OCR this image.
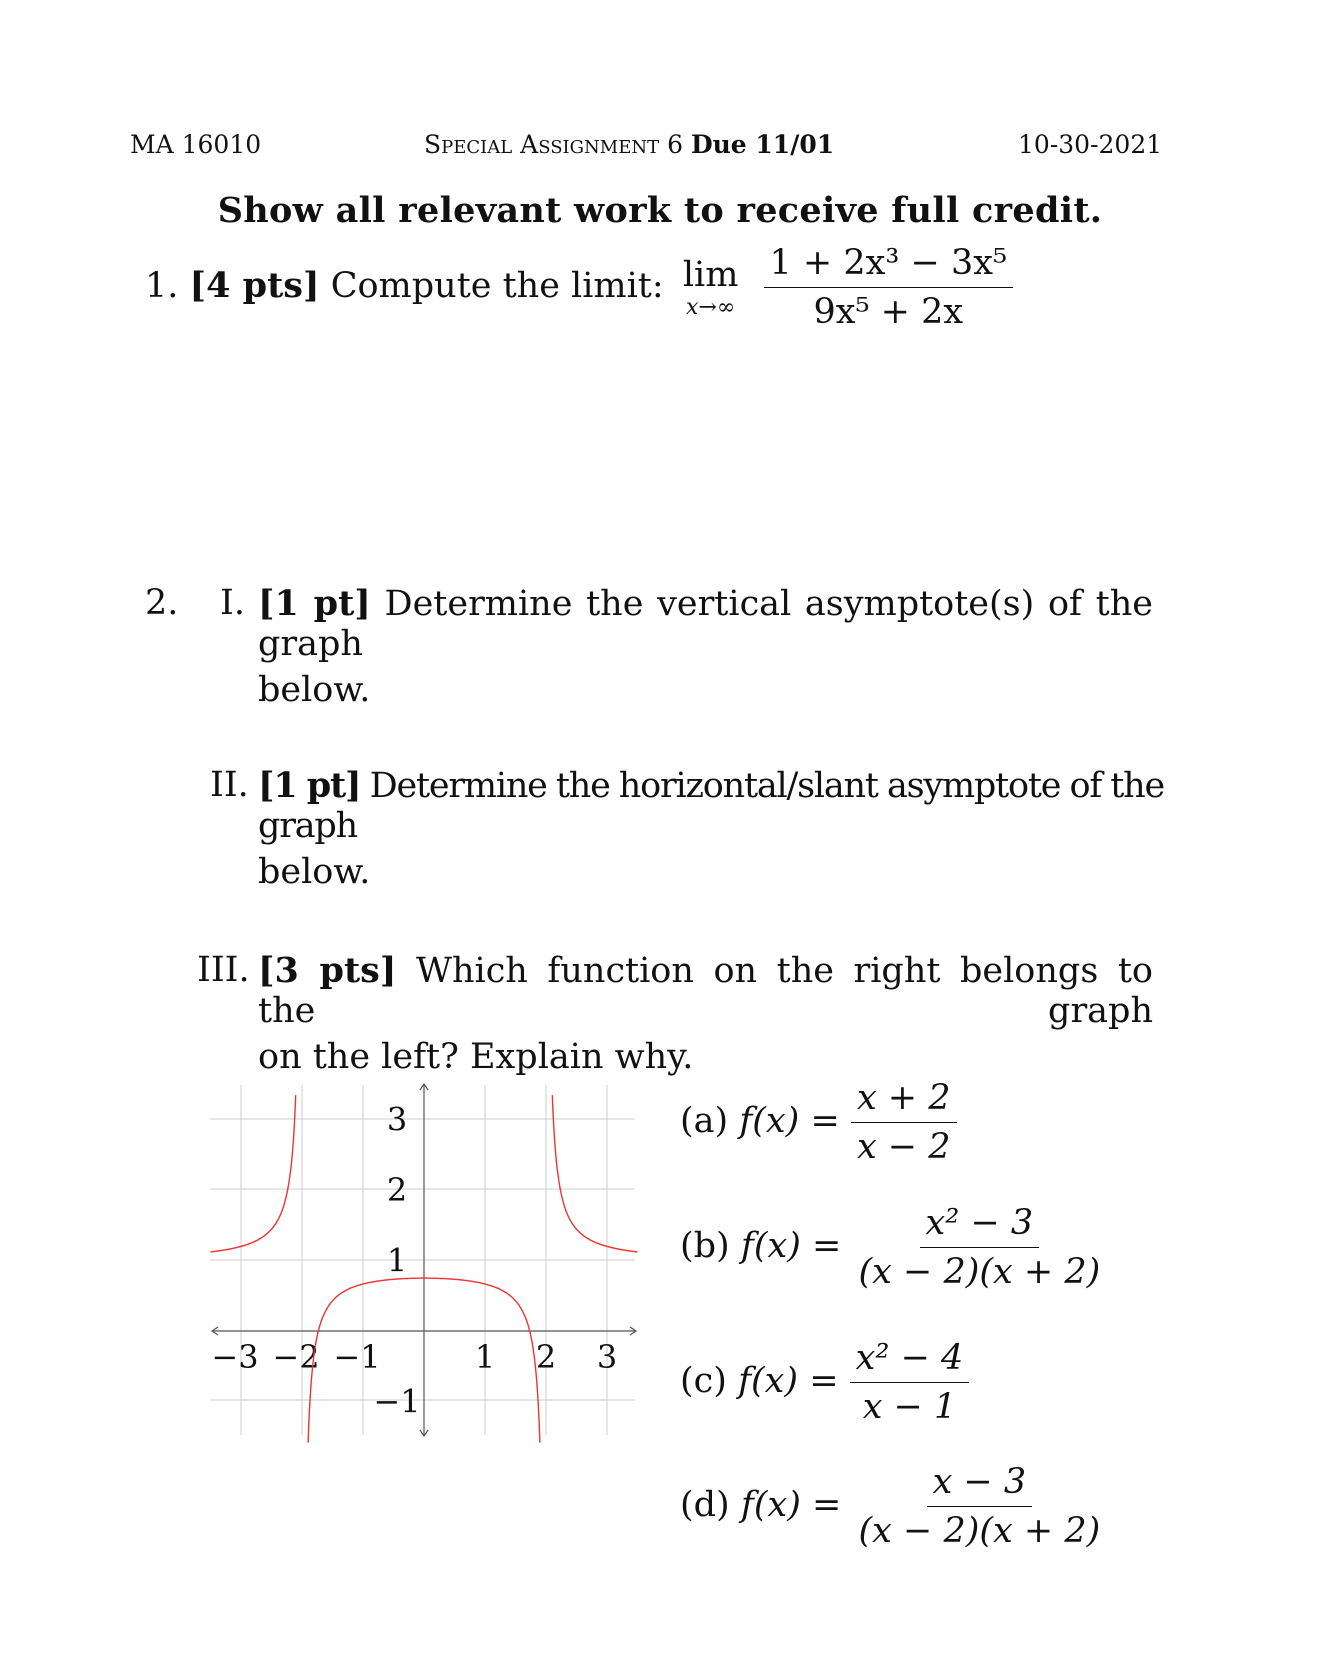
MA 16010	Special Assignment 6 Due 11/01	10-30-2021
Show all relevant work to receive full credit.
1. [4 pts] Compute the limit: lim
x→∞
$\frac{\text{1 + 2x³ − 3x⁵}}{\text{9x⁵ + 2x}}$
2. I. [1 pt] Determine the vertical asymptote(s) of the graph
below.
II. [1 pt] Determine the horizontal/slant asymptote of the graph
below.
III. [3 pts] Which function on the right belongs to the graph
on the left? Explain why.
−3 −2 −1	1 2 3
3
2
1
−1
(a) $f(x) = \frac{x + 2}{x - 2}$
(b) $f(x) = \frac{\text{x² − 3}}{(x - 2)(x + 2)}$
(c) $f(x) = \frac{\text{x² − 4}}{x - 1}$
(d) $f(x) = \frac{x - 3}{(x - 2)(x + 2)}$
